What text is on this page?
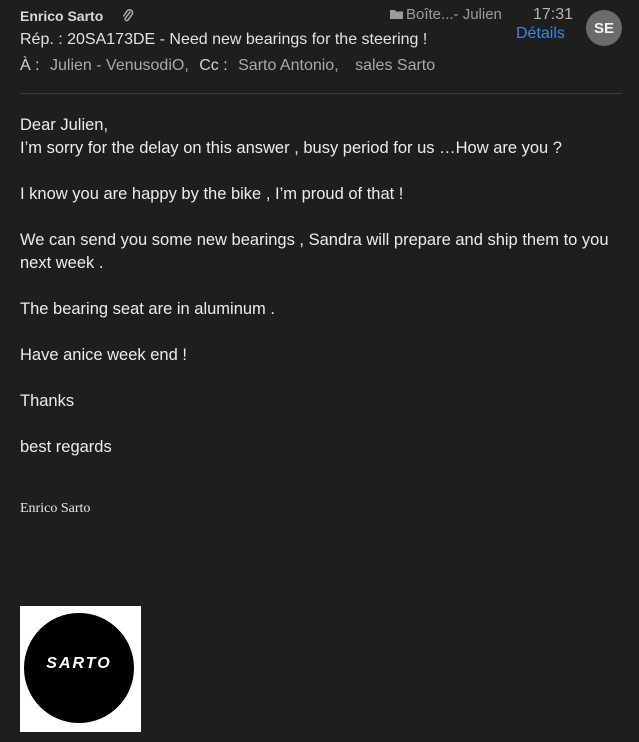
Enrico Sarto	Boîte...- Julien 17:31
Détails	SE
Rép. : 20SA173DE - Need new bearings for the steering !
À : Julien - VenusodiO, Cc : Sarto Antonio, sales Sarto

Dear Julien,

I’m sorry for the delay on this answer , busy period for us …How are you ?

I know you are happy by the bike , I’m proud of that !

We can send you some new bearings , Sandra will prepare and ship them to you next week .

The bearing seat are in aluminum .

Have anice week end !

Thanks

best regards

Enrico Sarto
SARTO
